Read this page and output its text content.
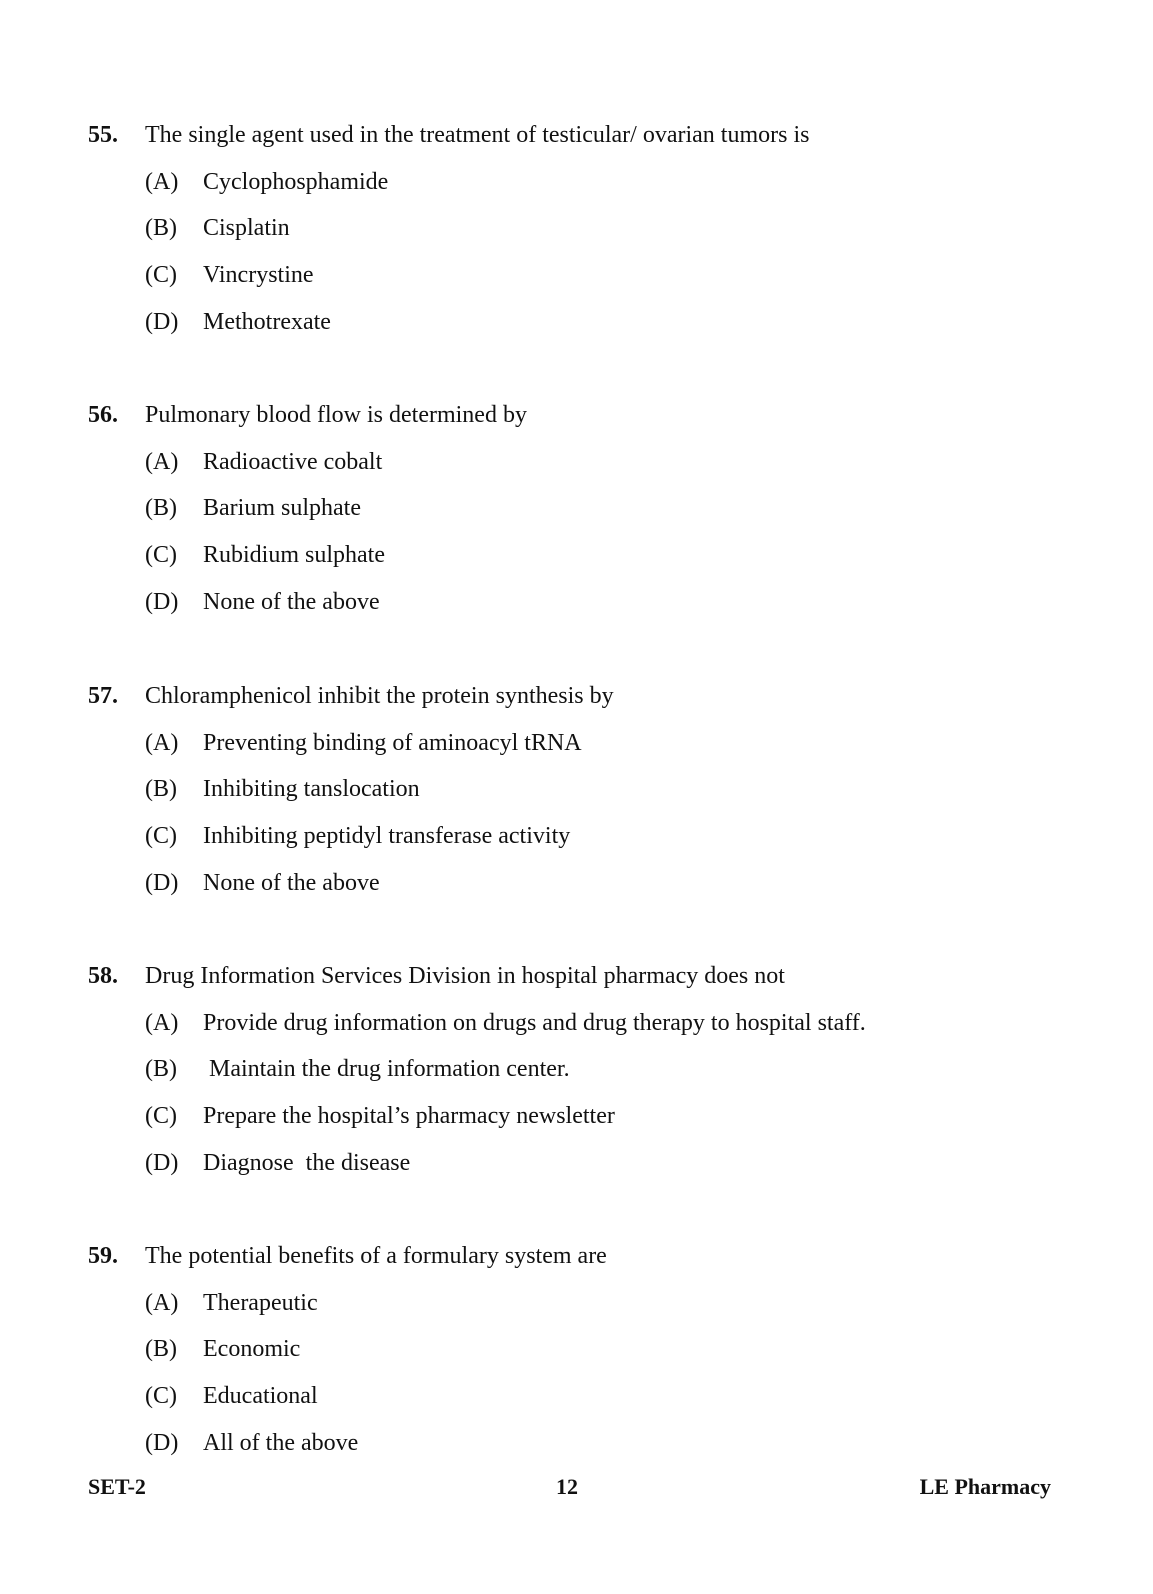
55.	The single agent used in the treatment of testicular/ ovarian tumors is
(A)	Cyclophosphamide
(B)	Cisplatin
(C)	Vincrystine
(D)	Methotrexate
56.	Pulmonary blood flow is determined by
(A)	Radioactive cobalt
(B)	Barium sulphate
(C)	Rubidium sulphate
(D)	None of the above
57.	Chloramphenicol inhibit the protein synthesis by
(A)	Preventing binding of aminoacyl tRNA
(B)	Inhibiting tanslocation
(C)	Inhibiting peptidyl transferase activity
(D)	None of the above
58.	Drug Information Services Division in hospital pharmacy does not
(A)	Provide drug information on drugs and drug therapy to hospital staff.
(B)	Maintain the drug information center.
(C)	Prepare the hospital’s pharmacy newsletter
(D)	Diagnose  the disease
59.	The potential benefits of a formulary system are
(A)	Therapeutic
(B)	Economic
(C)	Educational
(D)	All of the above
SET-2	12	LE Pharmacy
